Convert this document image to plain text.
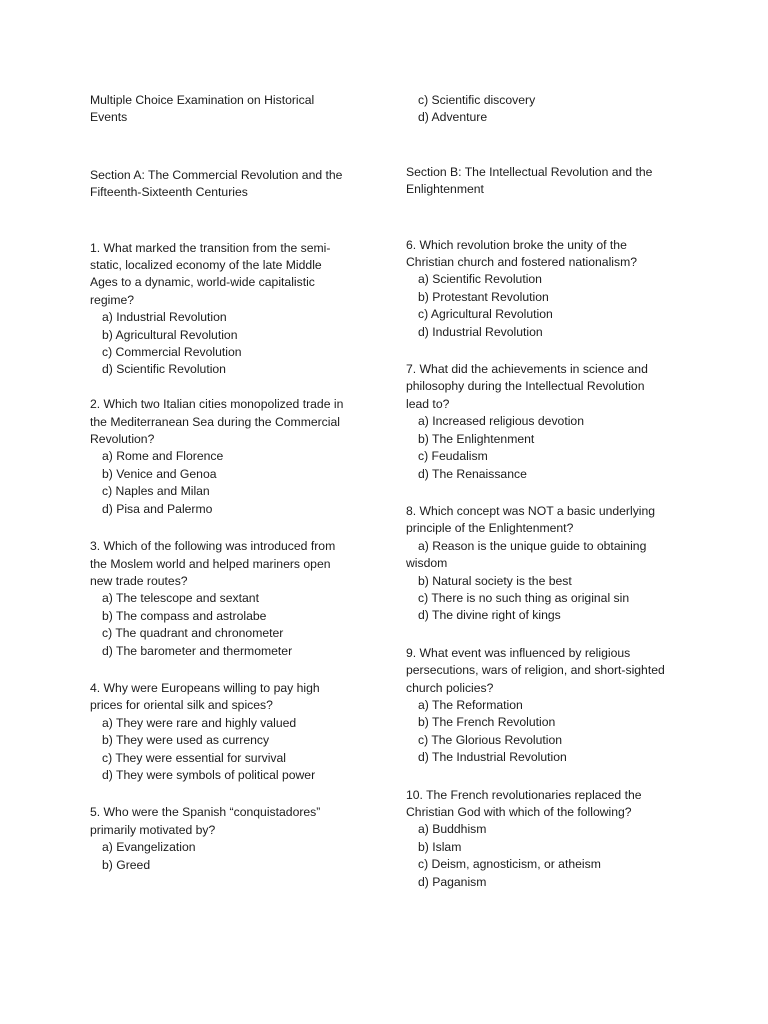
Multiple Choice Examination on Historical
Events
Section A: The Commercial Revolution and the
Fifteenth-Sixteenth Centuries
1. What marked the transition from the semi-
static, localized economy of the late Middle
Ages to a dynamic, world-wide capitalistic
regime?
a) Industrial Revolution
b) Agricultural Revolution
c) Commercial Revolution
d) Scientific Revolution
2. Which two Italian cities monopolized trade in
the Mediterranean Sea during the Commercial
Revolution?
a) Rome and Florence
b) Venice and Genoa
c) Naples and Milan
d) Pisa and Palermo
3. Which of the following was introduced from
the Moslem world and helped mariners open
new trade routes?
a) The telescope and sextant
b) The compass and astrolabe
c) The quadrant and chronometer
d) The barometer and thermometer
4. Why were Europeans willing to pay high
prices for oriental silk and spices?
a) They were rare and highly valued
b) They were used as currency
c) They were essential for survival
d) They were symbols of political power
5. Who were the Spanish “conquistadores”
primarily motivated by?
a) Evangelization
b) Greed
c) Scientific discovery
d) Adventure
Section B: The Intellectual Revolution and the
Enlightenment
6. Which revolution broke the unity of the
Christian church and fostered nationalism?
a) Scientific Revolution
b) Protestant Revolution
c) Agricultural Revolution
d) Industrial Revolution
7. What did the achievements in science and
philosophy during the Intellectual Revolution
lead to?
a) Increased religious devotion
b) The Enlightenment
c) Feudalism
d) The Renaissance
8. Which concept was NOT a basic underlying
principle of the Enlightenment?
a) Reason is the unique guide to obtaining
wisdom
b) Natural society is the best
c) There is no such thing as original sin
d) The divine right of kings
9. What event was influenced by religious
persecutions, wars of religion, and short-sighted
church policies?
a) The Reformation
b) The French Revolution
c) The Glorious Revolution
d) The Industrial Revolution
10. The French revolutionaries replaced the
Christian God with which of the following?
a) Buddhism
b) Islam
c) Deism, agnosticism, or atheism
d) Paganism
